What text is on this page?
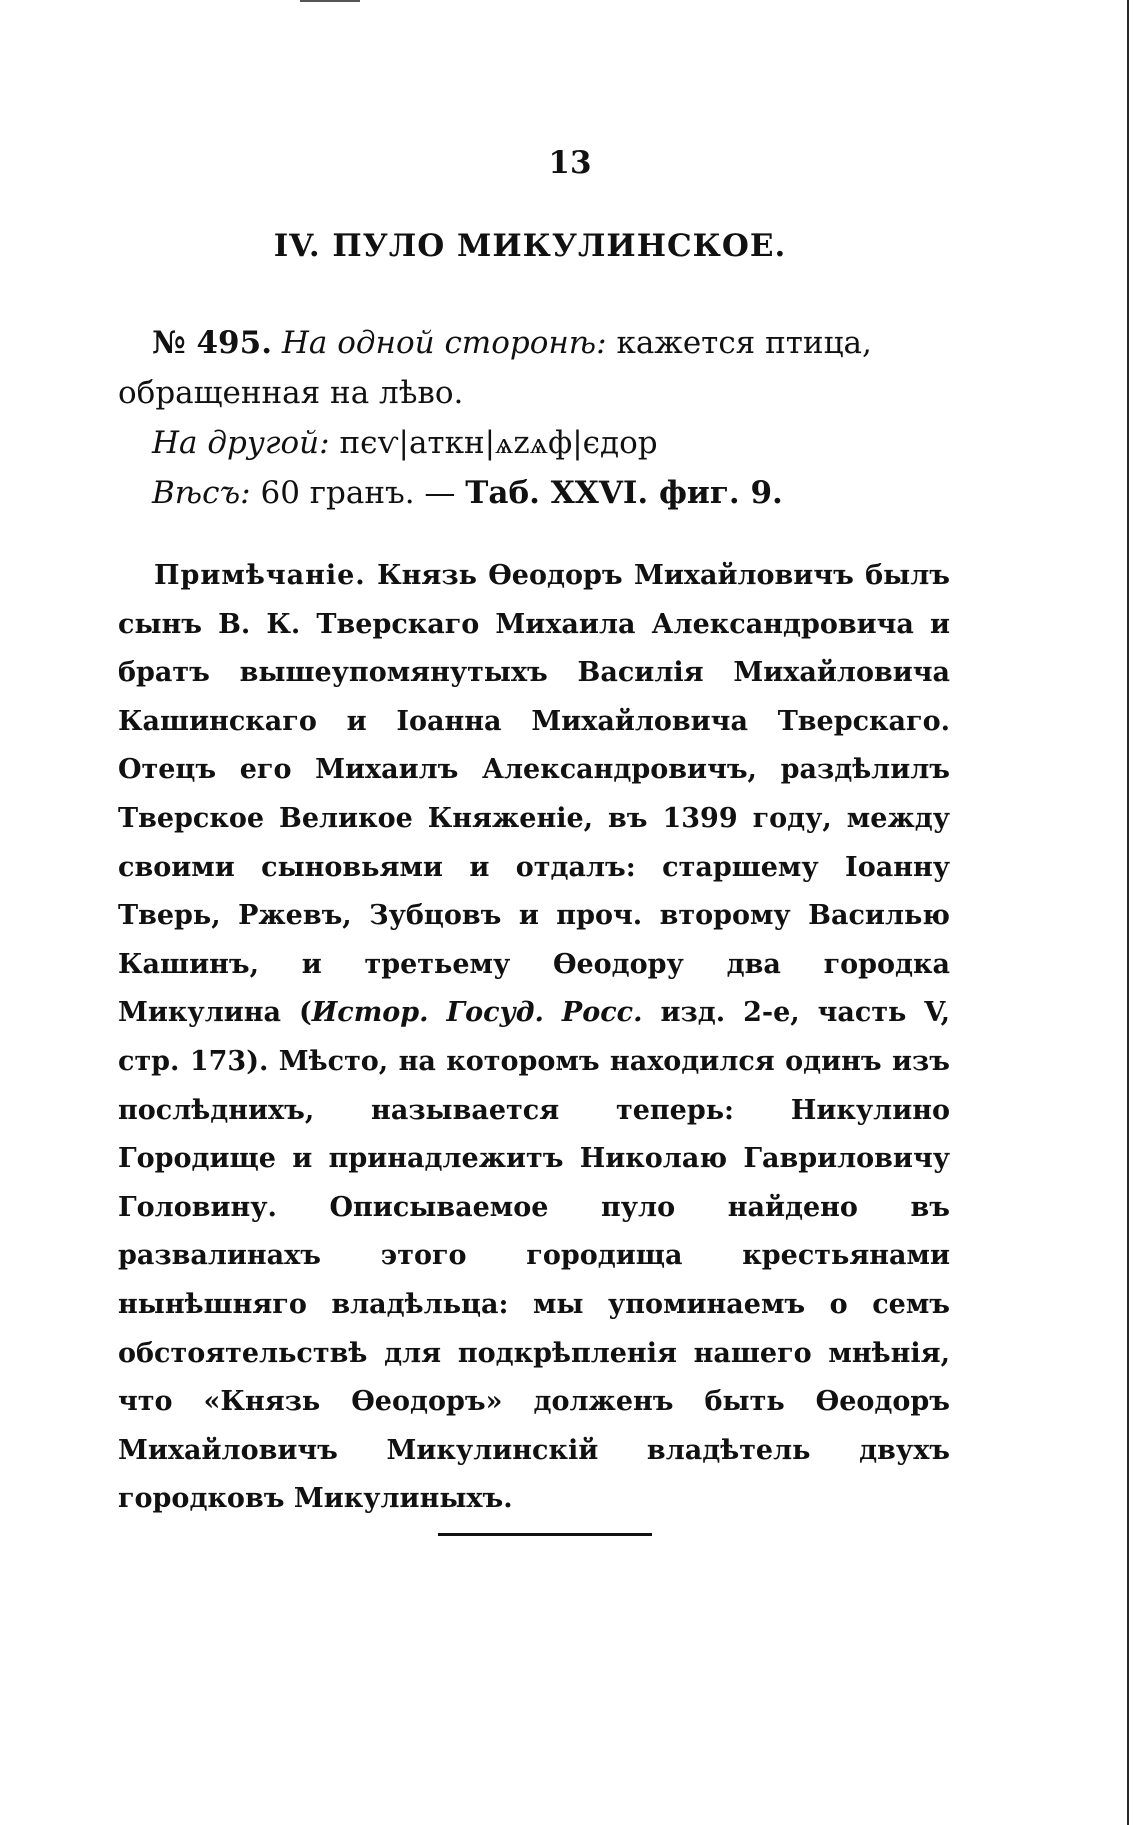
13
IV. ПУЛО МИКУЛИНСКОЕ.

№ 495. На одной сторонѣ: кажется птица, обращенная на лѣво.

На другой: пєѵ|аткн|ѧzѧф|єдор

Вѣсъ: 60 гранъ. — Таб. XXVI. фиг. 9.

Примѣчаніе. Князь Ѳеодоръ Михайловичъ былъ сынъ В. К. Тверскаго Михаила Александровича и братъ вышеупомянутыхъ Василія Михайловича Кашинскаго и Іоанна Михайловича Тверскаго. Отецъ его Михаилъ Александровичъ, раздѣлилъ Тверское Великое Княженіе, въ 1399 году, между своими сыновьями и отдалъ: старшему Іоанну Тверь, Ржевъ, Зубцовъ и проч. второму Василью Кашинъ, и третьему Ѳеодору два городка Микулина (Истор. Госуд. Росс. изд. 2-е, часть V, стр. 173). Мѣсто, на которомъ находился одинъ изъ послѣднихъ, называется теперь: Никулино Городище и принадлежитъ Николаю Гавриловичу Головину. Описываемое пуло найдено въ развалинахъ этого городища крестьянами нынѣшняго владѣльца: мы упоминаемъ о семъ обстоятельствѣ для подкрѣпленія нашего мнѣнія, что «Князь Ѳеодоръ» долженъ быть Ѳеодоръ Михайловичъ Микулинскій владѣтель двухъ городковъ Микулиныхъ.
